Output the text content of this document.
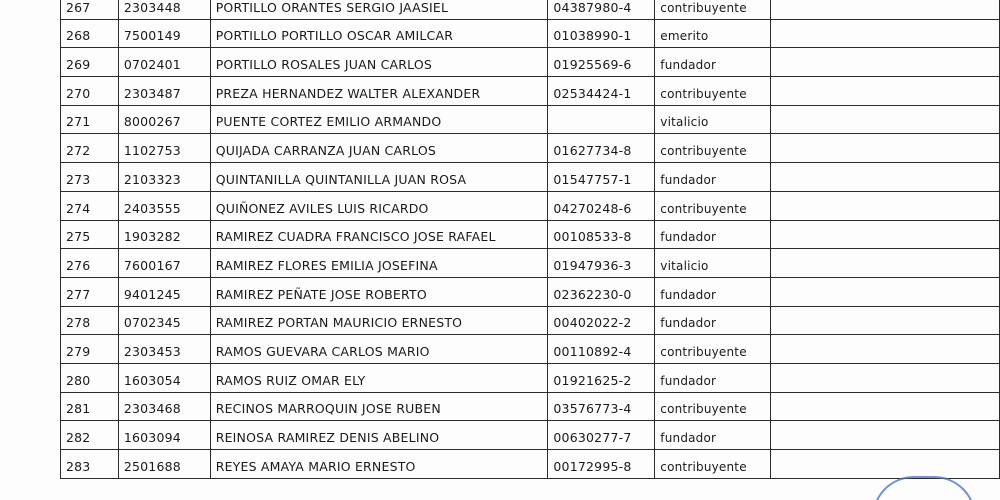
267	2303448	PORTILLO ORANTES SERGIO JAASIEL	04387980-4	contribuyente	
268	7500149	PORTILLO PORTILLO OSCAR AMILCAR	01038990-1	emerito	
269	0702401	PORTILLO ROSALES JUAN CARLOS	01925569-6	fundador	
270	2303487	PREZA HERNANDEZ WALTER ALEXANDER	02534424-1	contribuyente	
271	8000267	PUENTE CORTEZ EMILIO ARMANDO		vitalicio	
272	1102753	QUIJADA CARRANZA JUAN CARLOS	01627734-8	contribuyente	
273	2103323	QUINTANILLA QUINTANILLA JUAN ROSA	01547757-1	fundador	
274	2403555	QUIÑONEZ AVILES LUIS RICARDO	04270248-6	contribuyente	
275	1903282	RAMIREZ CUADRA FRANCISCO JOSE RAFAEL	00108533-8	fundador	
276	7600167	RAMIREZ FLORES EMILIA JOSEFINA	01947936-3	vitalicio	
277	9401245	RAMIREZ PEÑATE JOSE ROBERTO	02362230-0	fundador	
278	0702345	RAMIREZ PORTAN MAURICIO ERNESTO	00402022-2	fundador	
279	2303453	RAMOS GUEVARA CARLOS MARIO	00110892-4	contribuyente	
280	1603054	RAMOS RUIZ OMAR ELY	01921625-2	fundador	
281	2303468	RECINOS MARROQUIN JOSE RUBEN	03576773-4	contribuyente	
282	1603094	REINOSA RAMIREZ DENIS ABELINO	00630277-7	fundador	
283	2501688	REYES AMAYA MARIO ERNESTO	00172995-8	contribuyente	
